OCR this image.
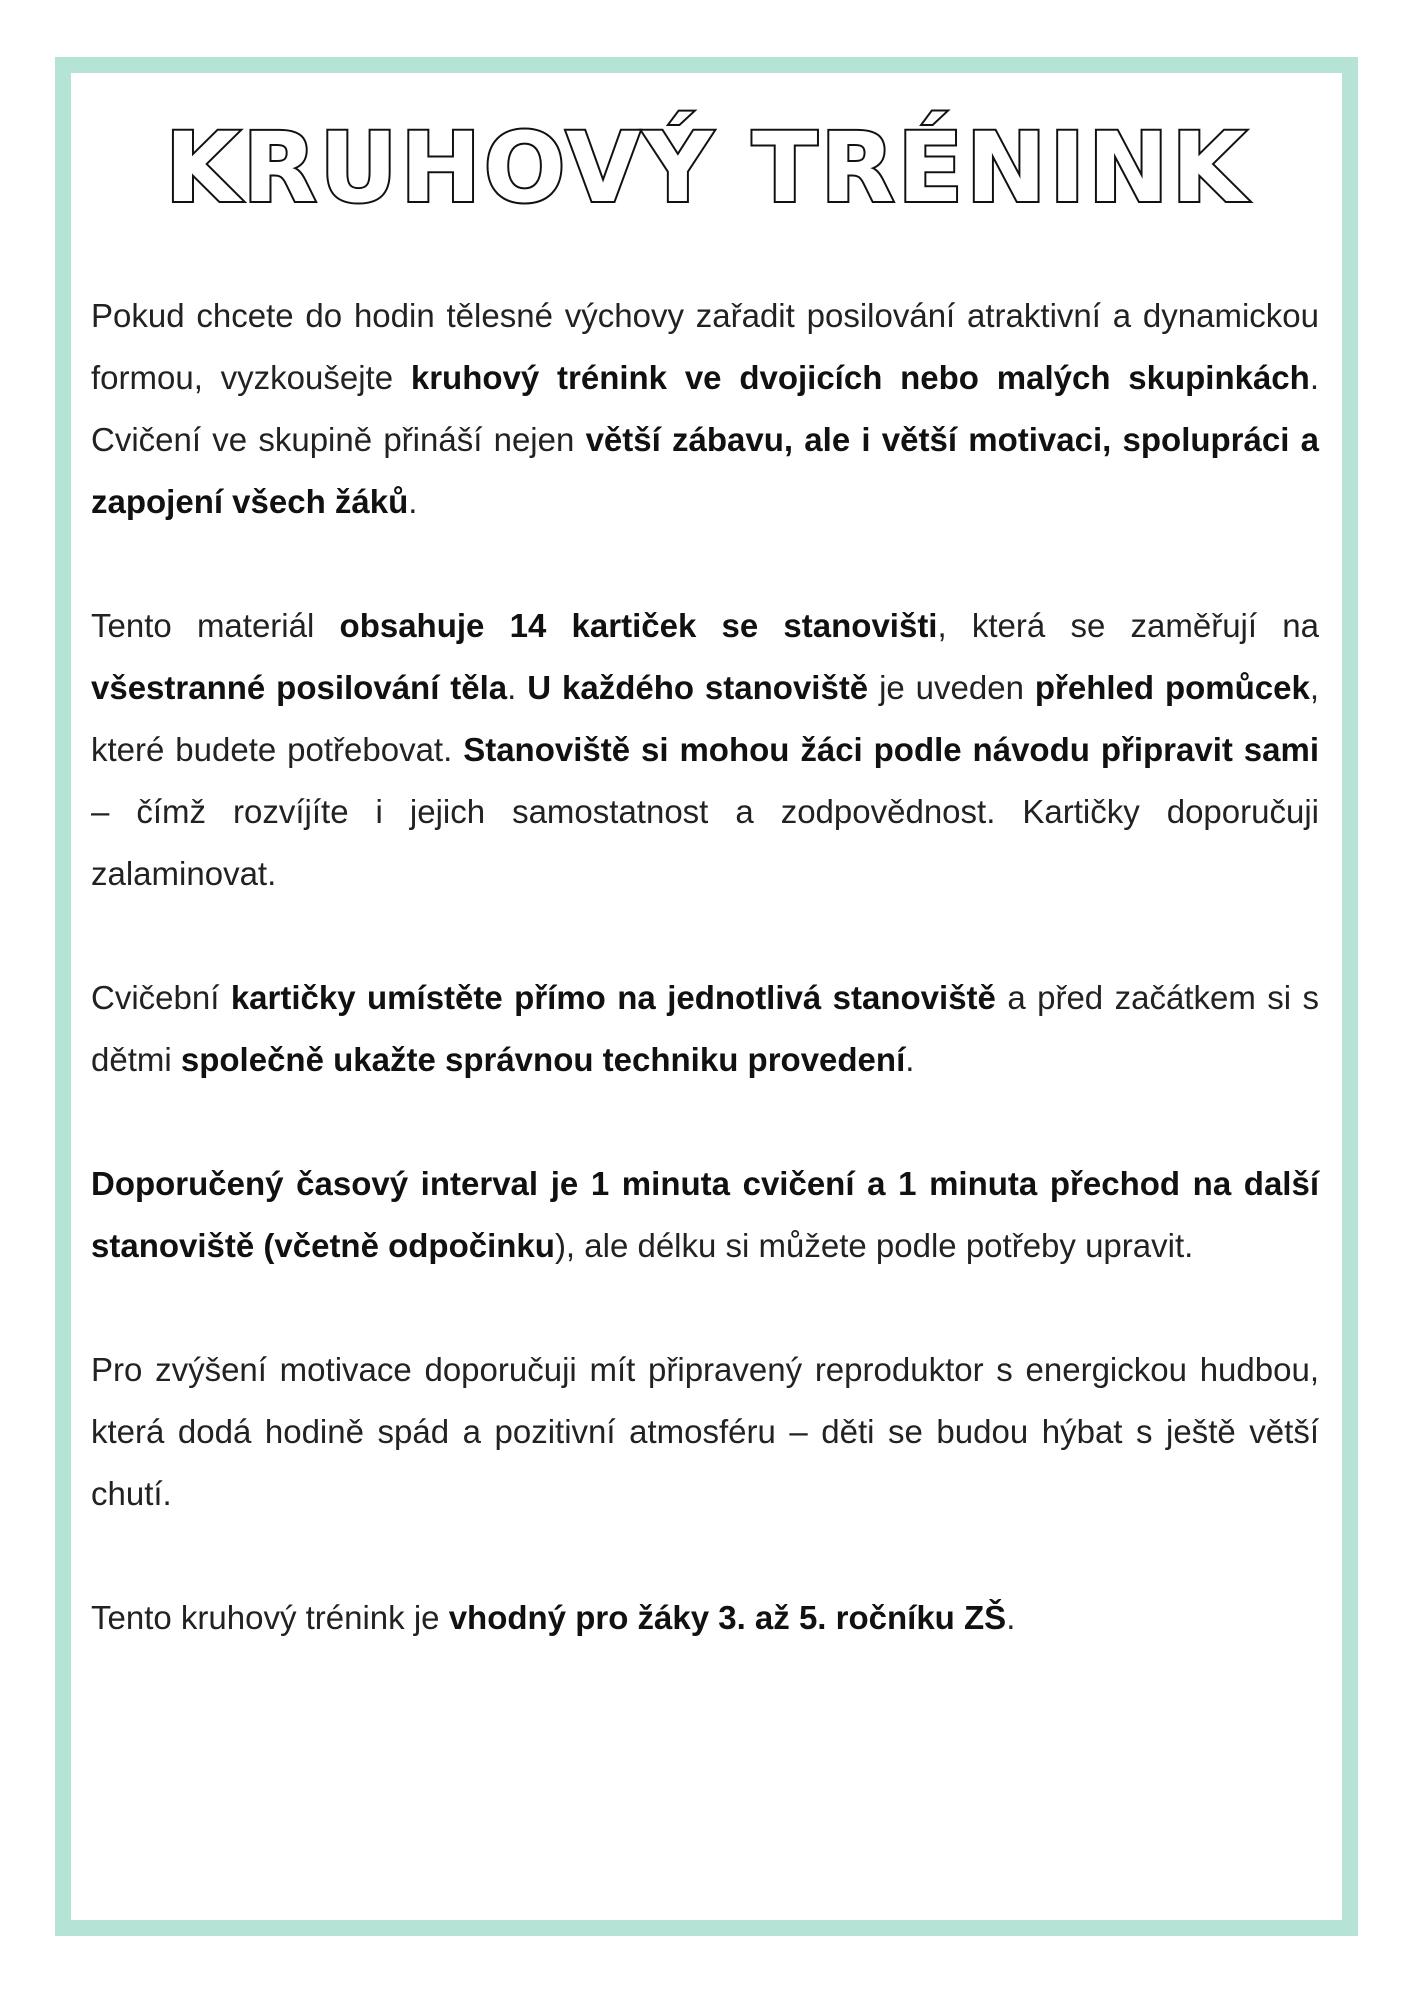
KRUHOVÝ TRÉNINK

Pokud chcete do hodin tělesné výchovy zařadit posilování atraktivní a dynamickou formou, vyzkoušejte kruhový trénink ve dvojicích nebo malých skupinkách. Cvičení ve skupině přináší nejen větší zábavu, ale i větší motivaci, spolupráci a zapojení všech žáků.

Tento materiál obsahuje 14 kartiček se stanovišti, která se zaměřují na všestranné posilování těla. U každého stanoviště je uveden přehled pomůcek, které budete potřebovat. Stanoviště si mohou žáci podle návodu připravit sami – čímž rozvíjíte i jejich samostatnost a zodpovědnost. Kartičky doporučuji zalaminovat.

Cvičební kartičky umístěte přímo na jednotlivá stanoviště a před začátkem si s dětmi společně ukažte správnou techniku provedení.

Doporučený časový interval je 1 minuta cvičení a 1 minuta přechod na další stanoviště (včetně odpočinku), ale délku si můžete podle potřeby upravit.

Pro zvýšení motivace doporučuji mít připravený reproduktor s energickou hudbou, která dodá hodině spád a pozitivní atmosféru – děti se budou hýbat s ještě větší chutí.

Tento kruhový trénink je vhodný pro žáky 3. až 5. ročníku ZŠ.
